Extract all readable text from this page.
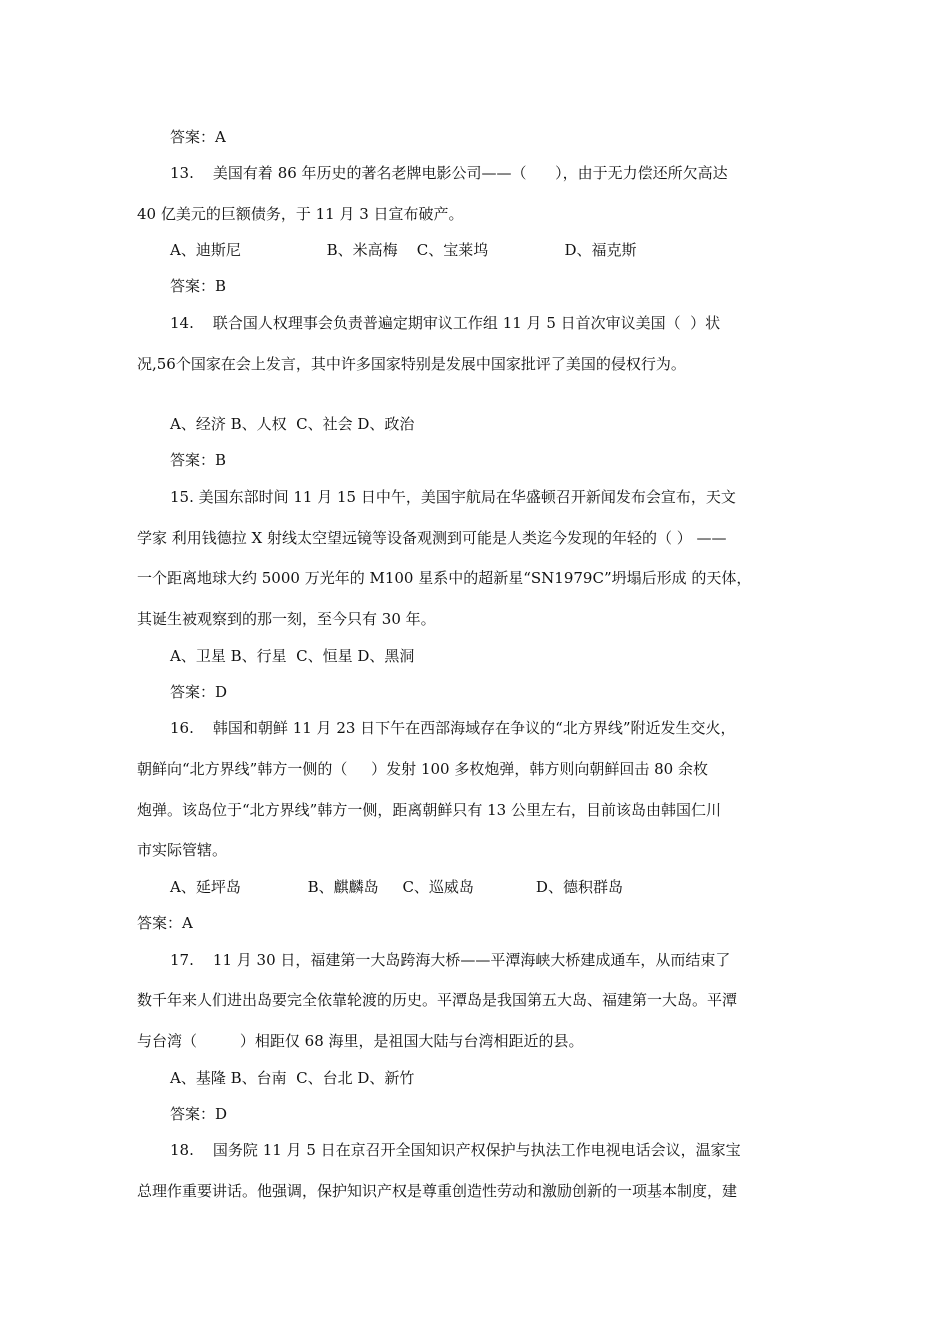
答案：A
13.    美国有着 86 年历史的著名老牌电影公司——（      ），由于无力偿还所欠高达
40 亿美元的巨额债务，于 11 月 3 日宣布破产。
A、迪斯尼                  B、米高梅    C、宝莱坞                D、福克斯
答案：B
14.    联合国人权理事会负责普遍定期审议工作组 11 月 5 日首次审议美国（  ）状
况,56个国家在会上发言，其中许多国家特别是发展中国家批评了美国的侵权行为。
A、经济 B、人权  C、社会 D、政治
答案：B
15. 美国东部时间 11 月 15 日中午，美国宇航局在华盛顿召开新闻发布会宣布，天文
学家 利用钱德拉 X 射线太空望远镜等设备观测到可能是人类迄今发现的年轻的（ ） ——
一个距离地球大约 5000 万光年的 M100 星系中的超新星“SN1979C”坍塌后形成 的天体，
其诞生被观察到的那一刻，至今只有 30 年。
A、卫星 B、行星  C、恒星 D、黑洞
答案：D
16.    韩国和朝鲜 11 月 23 日下午在西部海域存在争议的“北方界线”附近发生交火，
朝鲜向“北方界线”韩方一侧的（     ）发射 100 多枚炮弹，韩方则向朝鲜回击 80 余枚
炮弹。该岛位于“北方界线”韩方一侧，距离朝鲜只有 13 公里左右，目前该岛由韩国仁川
市实际管辖。
A、延坪岛              B、麒麟岛     C、巡威岛             D、德积群岛
答案：A
17.    11 月 30 日，福建第一大岛跨海大桥——平潭海峡大桥建成通车，从而结束了
数千年来人们进出岛要完全依靠轮渡的历史。平潭岛是我国第五大岛、福建第一大岛。平潭
与台湾（         ）相距仅 68 海里，是祖国大陆与台湾相距近的县。
A、基隆 B、台南  C、台北 D、新竹
答案：D
18.    国务院 11 月 5 日在京召开全国知识产权保护与执法工作电视电话会议，温家宝
总理作重要讲话。他强调，保护知识产权是尊重创造性劳动和激励创新的一项基本制度，建
